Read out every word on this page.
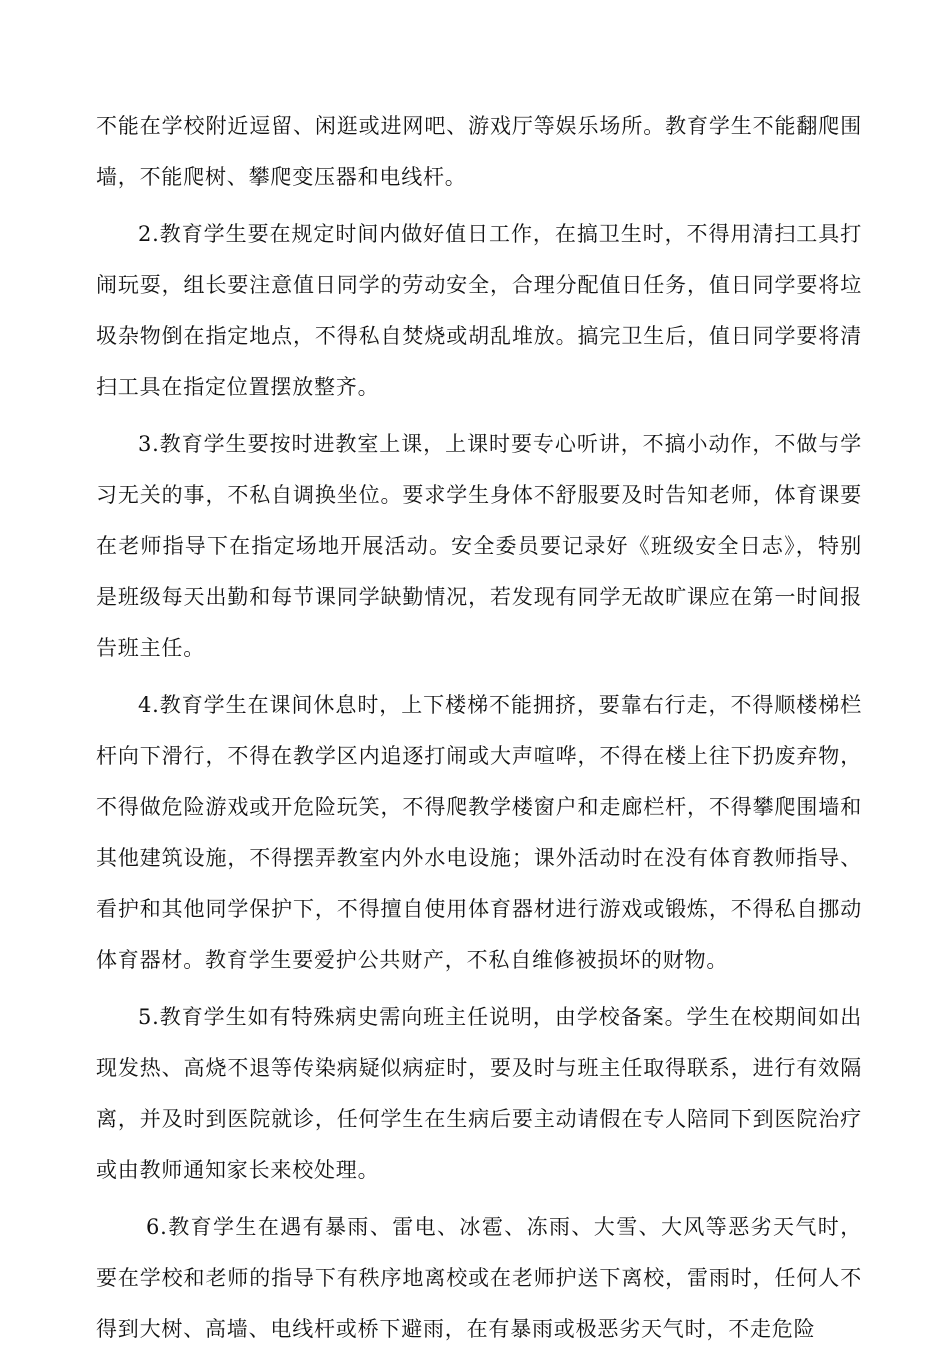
不能在学校附近逗留、闲逛或进网吧、游戏厅等娱乐场所。教育学生不能翻爬围墙，不能爬树、攀爬变压器和电线杆。

2.教育学生要在规定时间内做好值日工作，在搞卫生时，不得用清扫工具打闹玩耍，组长要注意值日同学的劳动安全，合理分配值日任务，值日同学要将垃圾杂物倒在指定地点，不得私自焚烧或胡乱堆放。搞完卫生后，值日同学要将清扫工具在指定位置摆放整齐。

3.教育学生要按时进教室上课，上课时要专心听讲，不搞小动作，不做与学习无关的事，不私自调换坐位。要求学生身体不舒服要及时告知老师，体育课要在老师指导下在指定场地开展活动。安全委员要记录好《班级安全日志》，特别是班级每天出勤和每节课同学缺勤情况，若发现有同学无故旷课应在第一时间报告班主任。

4.教育学生在课间休息时，上下楼梯不能拥挤，要靠右行走，不得顺楼梯栏杆向下滑行，不得在教学区内追逐打闹或大声喧哗，不得在楼上往下扔废弃物，不得做危险游戏或开危险玩笑，不得爬教学楼窗户和走廊栏杆，不得攀爬围墙和其他建筑设施，不得摆弄教室内外水电设施；课外活动时在没有体育教师指导、看护和其他同学保护下，不得擅自使用体育器材进行游戏或锻炼，不得私自挪动体育器材。教育学生要爱护公共财产，不私自维修被损坏的财物。

5.教育学生如有特殊病史需向班主任说明，由学校备案。学生在校期间如出现发热、高烧不退等传染病疑似病症时，要及时与班主任取得联系，进行有效隔离，并及时到医院就诊，任何学生在生病后要主动请假在专人陪同下到医院治疗或由教师通知家长来校处理。

6.教育学生在遇有暴雨、雷电、冰雹、冻雨、大雪、大风等恶劣天气时，要在学校和老师的指导下有秩序地离校或在老师护送下离校，雷雨时，任何人不得到大树、高墙、电线杆或桥下避雨，在有暴雨或极恶劣天气时，不走危险
